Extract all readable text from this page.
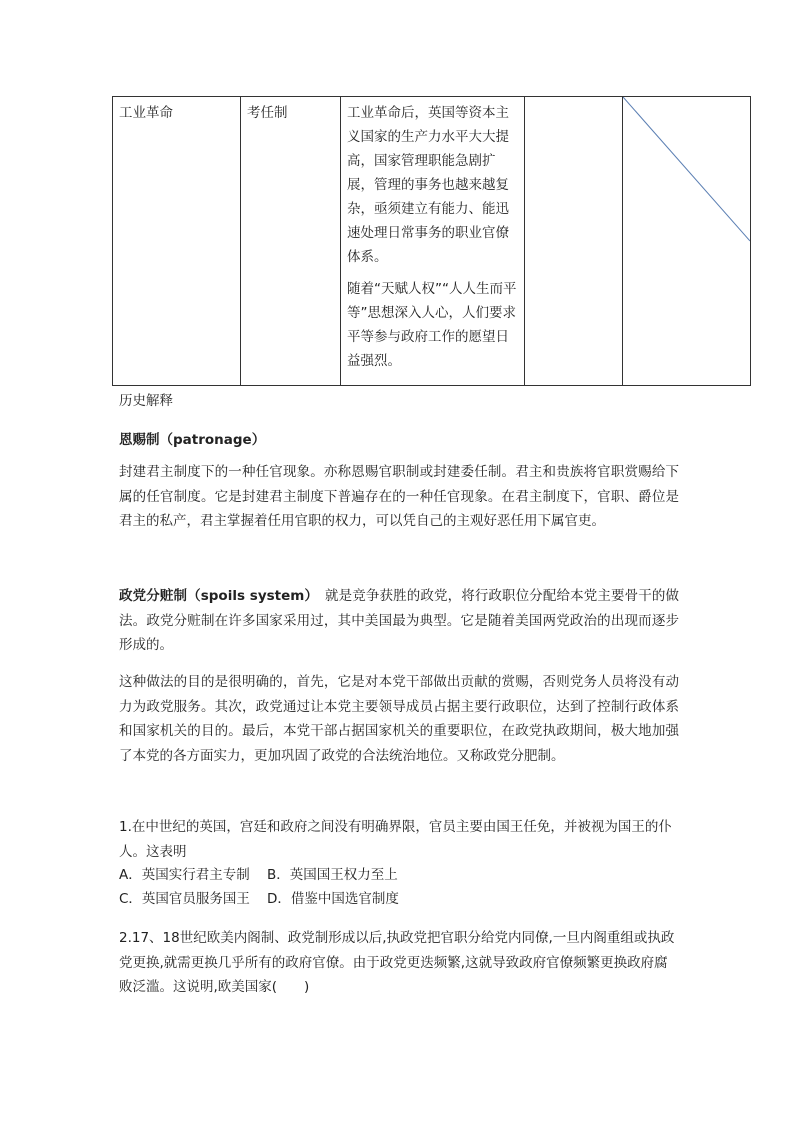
工业革命	考任制	工业革命后，英国等资本主义国家的生产力水平大大提高，国家管理职能急剧扩展，管理的事务也越来越复杂，亟须建立有能力、能迅速处理日常事务的职业官僚体系。

随着“天赋人权”“人人生而平等”思想深入人心，人们要求平等参与政府工作的愿望日益强烈。

历史解释
恩赐制（patronage）

封建君主制度下的一种任官现象。亦称恩赐官职制或封建委任制。君主和贵族将官职赏赐给下属的任官制度。它是封建君主制度下普遍存在的一种任官现象。在君主制度下，官职、爵位是君主的私产，君主掌握着任用官职的权力，可以凭自己的主观好恶任用下属官吏。

政党分赃制（spoils system）　 就是竞争获胜的政党，将行政职位分配给本党主要骨干的做法。政党分赃制在许多国家采用过，其中美国最为典型。它是随着美国两党政治的出现而逐步形成的。

这种做法的目的是很明确的，首先，它是对本党干部做出贡献的赏赐，否则党务人员将没有动力为政党服务。其次，政党通过让本党主要领导成员占据主要行政职位，达到了控制行政体系和国家机关的目的。最后，本党干部占据国家机关的重要职位，在政党执政期间，极大地加强了本党的各方面实力，更加巩固了政党的合法统治地位。又称政党分肥制。

1.在中世纪的英国，宫廷和政府之间没有明确界限，官员主要由国王任免，并被视为国王的仆人。这表明

A．英国实行君主专制 B．英国国王权力至上
C．英国官员服务国王 D．借鉴中国选官制度

2.17、18世纪欧美内阁制、政党制形成以后,执政党把官职分给党内同僚,一旦内阁重组或执政党更换,就需更换几乎所有的政府官僚。由于政党更迭频繁,这就导致政府官僚频繁更换政府腐败泛滥。这说明,欧美国家(　　)
